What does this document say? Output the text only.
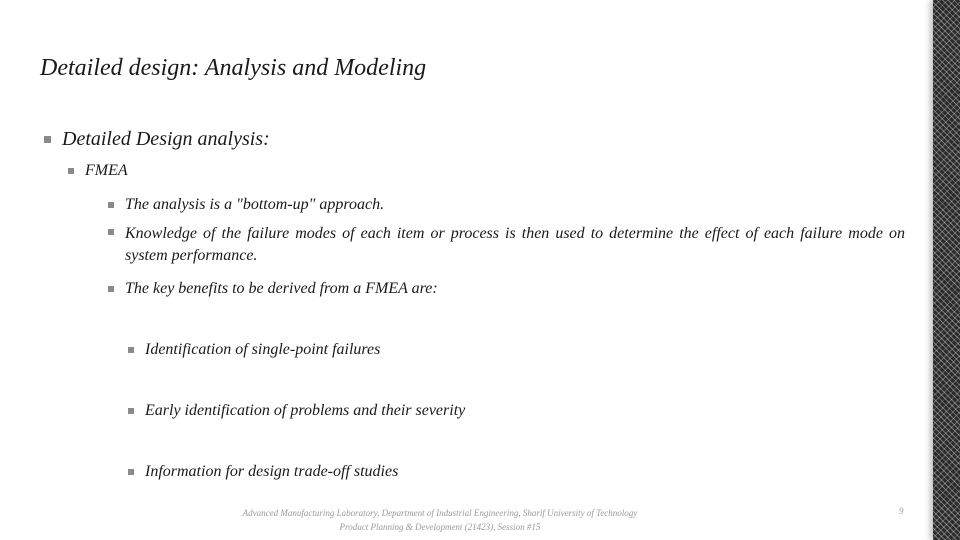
Detailed design: Analysis and Modeling
Detailed Design analysis:
FMEA
The analysis is a "bottom-up" approach.
Knowledge of the failure modes of each item or process is then used to determine the effect of each failure mode on system performance.
The key benefits to be derived from a FMEA are:
Identification of single-point failures
Early identification of problems and their severity
Information for design trade-off studies
Advanced Manufacturing Laboratory, Department of Industrial Engineering, Sharif University of Technology
Product Planning & Development (21423), Session #15
9
